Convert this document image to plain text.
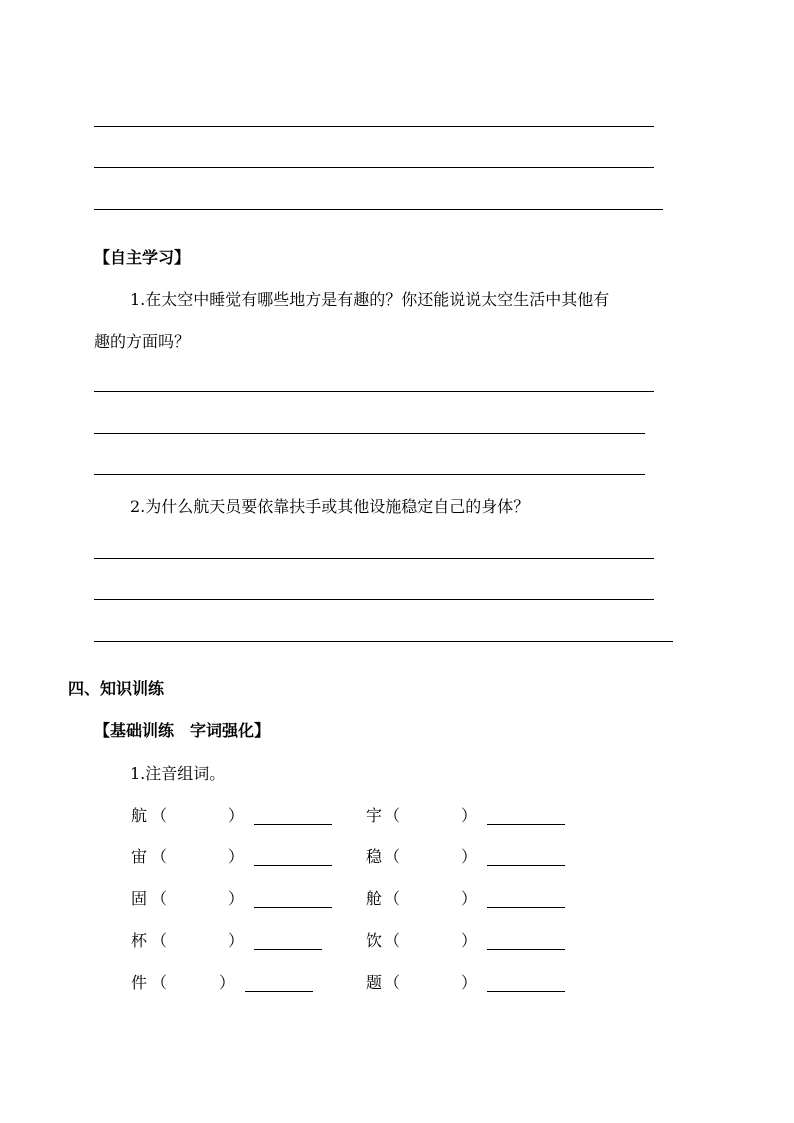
【自主学习】
1.在太空中睡觉有哪些地方是有趣的？你还能说说太空生活中其他有
趣的方面吗？
2.为什么航天员要依靠扶手或其他设施稳定自己的身体？
四、知识训练
【基础训练　字词强化】
1.注音组词。
航 （	）	宇 （	）
宙 （	）	稳 （	）
固 （	）	舱 （	）
杯 （	）	饮 （	）
件 （	）	题 （	）
